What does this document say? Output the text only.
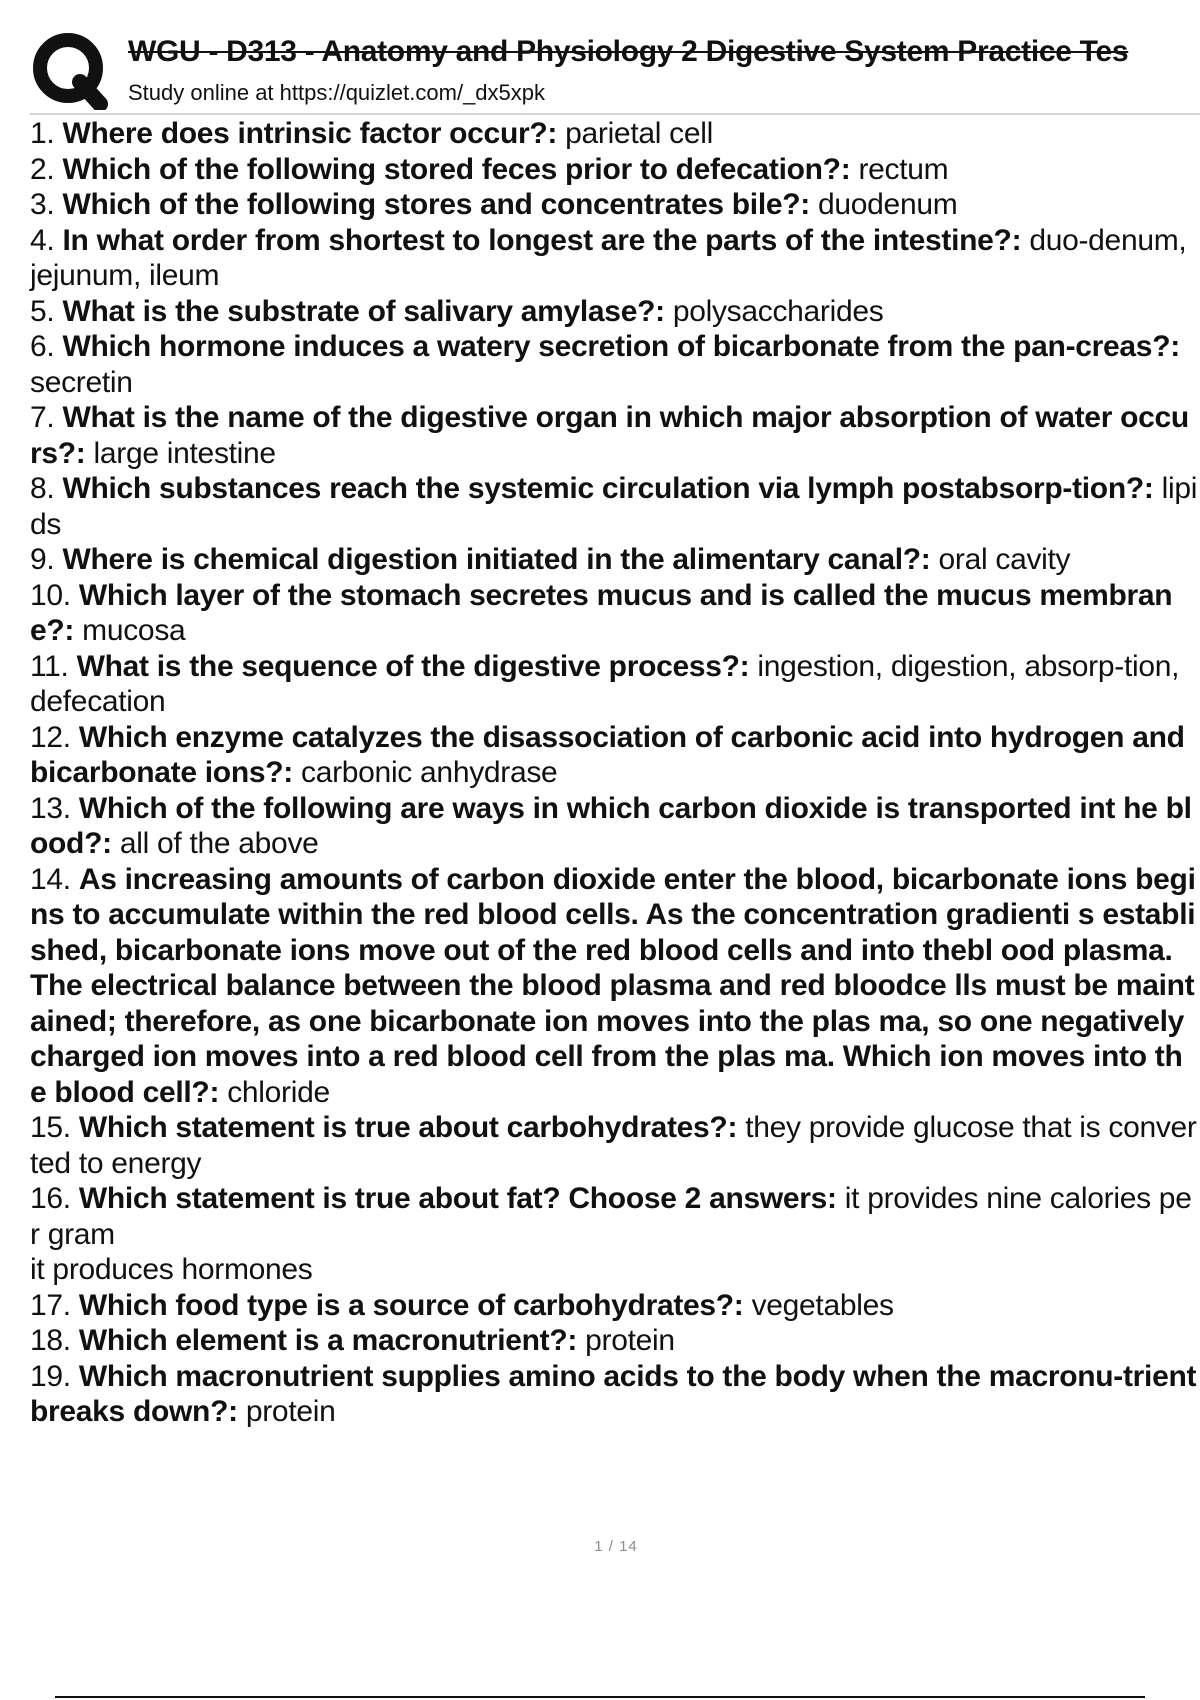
WGU - D313 - Anatomy and Physiology 2 Digestive System Practice Tes
Study online at https://quizlet.com/_dx5xpk
1. Where does intrinsic factor occur?: parietal cell
2. Which of the following stored feces prior to defecation?: rectum
3. Which of the following stores and concentrates bile?: duodenum
4. In what order from shortest to longest are the parts of the intestine?: duo-denum, jejunum, ileum
5. What is the substrate of salivary amylase?: polysaccharides
6. Which hormone induces a watery secretion of bicarbonate from the pan-creas?: secretin
7. What is the name of the digestive organ in which major absorption of water occurs?: large intestine
8. Which substances reach the systemic circulation via lymph postabsorp-tion?: lipids
9. Where is chemical digestion initiated in the alimentary canal?: oral cavity
10. Which layer of the stomach secretes mucus and is called the mucus membrane?: mucosa
11. What is the sequence of the digestive process?: ingestion, digestion, absorp-tion, defecation
12. Which enzyme catalyzes the disassociation of carbonic acid into hydrogen and bicarbonate ions?: carbonic anhydrase
13. Which of the following are ways in which carbon dioxide is transported int he blood?: all of the above
14. As increasing amounts of carbon dioxide enter the blood, bicarbonate ions begins to accumulate within the red blood cells. As the concentration gradienti s established, bicarbonate ions move out of the red blood cells and into thebl ood plasma. The electrical balance between the blood plasma and red bloodce lls must be maintained; therefore, as one bicarbonate ion moves into the plas ma, so one negatively charged ion moves into a red blood cell from the plas ma. Which ion moves into the blood cell?: chloride
15. Which statement is true about carbohydrates?: they provide glucose that is converted to energy
16. Which statement is true about fat? Choose 2 answers: it provides nine calories per gram
it produces hormones
17. Which food type is a source of carbohydrates?: vegetables
18. Which element is a macronutrient?: protein
19. Which macronutrient supplies amino acids to the body when the macronu-trient breaks down?: protein
1 / 14
